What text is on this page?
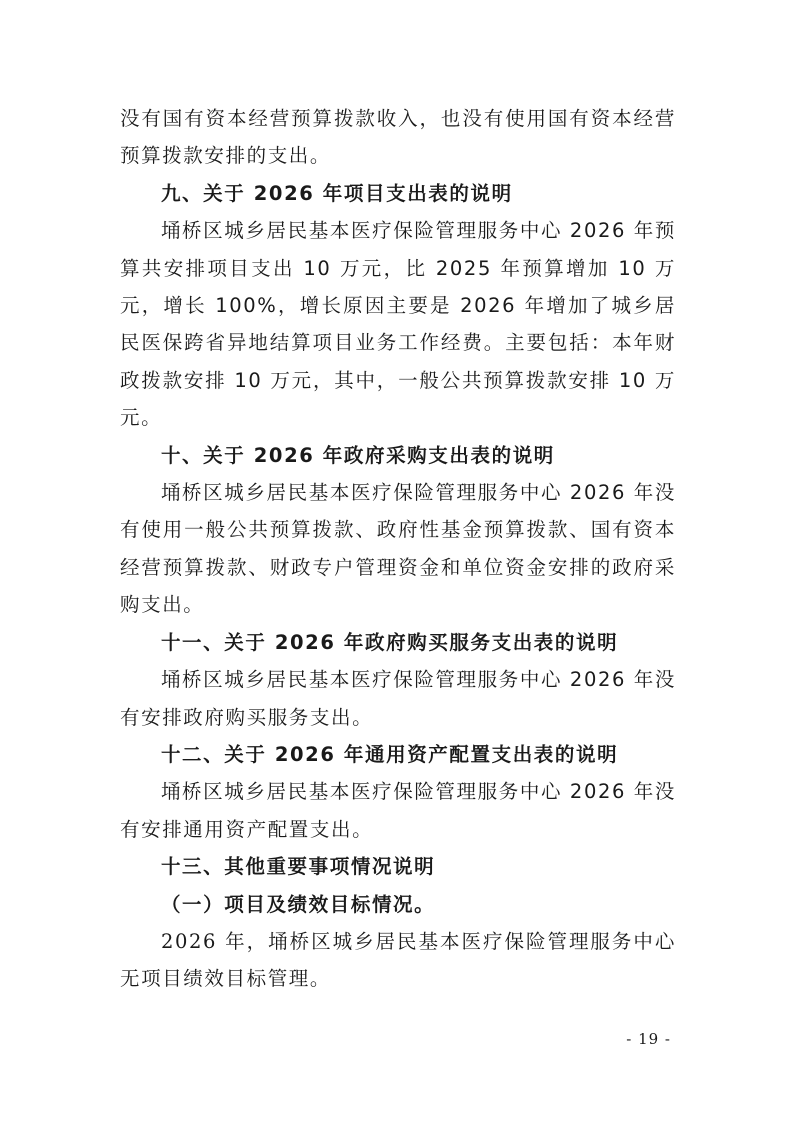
没有国有资本经营预算拨款收入，也没有使用国有资本经营预算拨款安排的支出。

九、关于 2026 年项目支出表的说明

埇桥区城乡居民基本医疗保险管理服务中心 2026 年预算共安排项目支出 10 万元，比 2025 年预算增加 10 万元，增长 100%，增长原因主要是 2026 年增加了城乡居民医保跨省异地结算项目业务工作经费。主要包括：本年财政拨款安排 10 万元，其中，一般公共预算拨款安排 10 万元。

十、关于 2026 年政府采购支出表的说明

埇桥区城乡居民基本医疗保险管理服务中心 2026 年没有使用一般公共预算拨款、政府性基金预算拨款、国有资本经营预算拨款、财政专户管理资金和单位资金安排的政府采购支出。

十一、关于 2026 年政府购买服务支出表的说明

埇桥区城乡居民基本医疗保险管理服务中心 2026 年没有安排政府购买服务支出。

十二、关于 2026 年通用资产配置支出表的说明

埇桥区城乡居民基本医疗保险管理服务中心 2026 年没有安排通用资产配置支出。

十三、其他重要事项情况说明

（一）项目及绩效目标情况。

2026 年，埇桥区城乡居民基本医疗保险管理服务中心无项目绩效目标管理。

- 19 -
